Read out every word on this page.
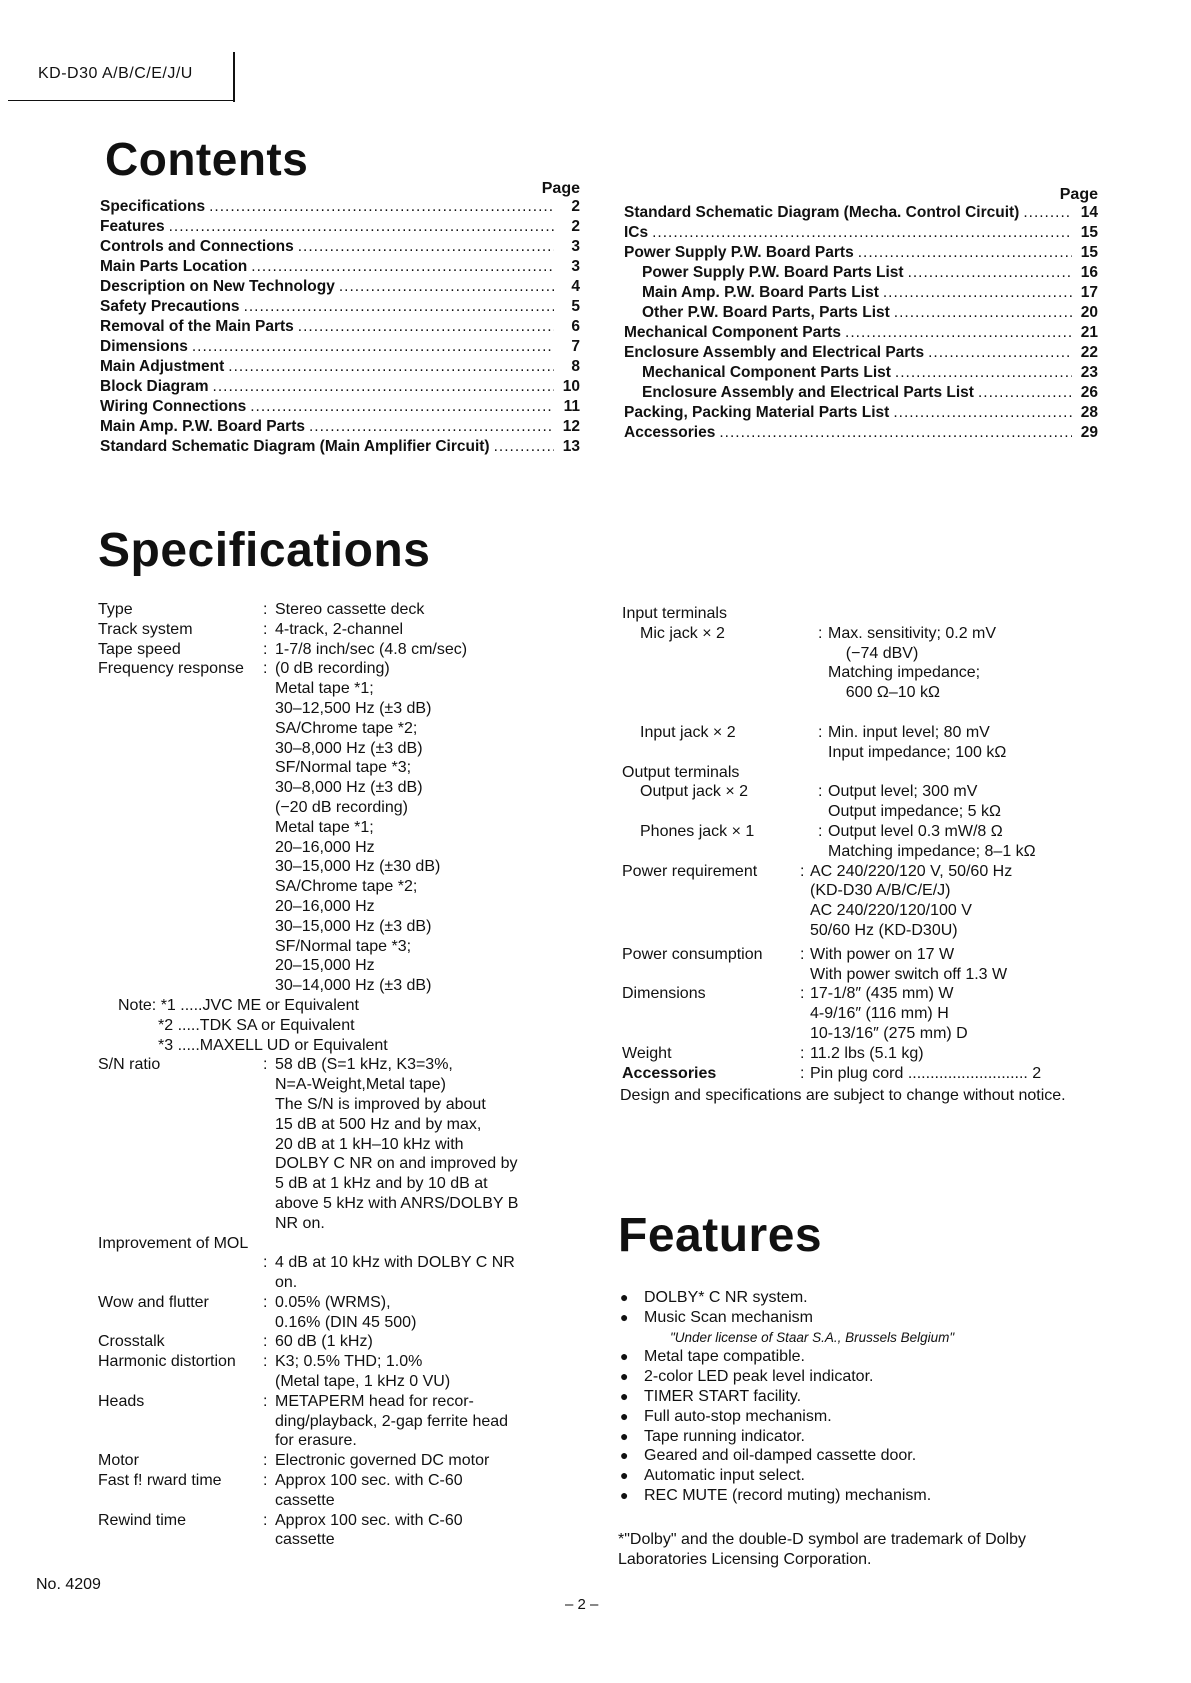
KD-D30 A/B/C/E/J/U
Contents
Page
Specifications .....	2
Features .....	2
Controls and Connections .....	3
Main Parts Location .....	3
Description on New Technology .....	4
Safety Precautions .....	5
Removal of the Main Parts .....	6
Dimensions .....	7
Main Adjustment .....	8
Block Diagram .....	10
Wiring Connections .....	11
Main Amp. P.W. Board Parts .....	12
Standard Schematic Diagram (Main Amplifier Circuit) .....	13
Page
Standard Schematic Diagram (Mecha. Control Circuit) .....	14
ICs .....	15
Power Supply P.W. Board Parts .....	15
Power Supply P.W. Board Parts List .....	16
Main Amp. P.W. Board Parts List .....	17
Other P.W. Board Parts, Parts List .....	20
Mechanical Component Parts .....	21
Enclosure Assembly and Electrical Parts .....	22
Mechanical Component Parts List .....	23
Enclosure Assembly and Electrical Parts List .....	26
Packing, Packing Material Parts List .....	28
Accessories .....	29
Specifications
Type	: Stereo cassette deck
Track system	: 4-track, 2-channel
Tape speed	: 1-7/8 inch/sec (4.8 cm/sec)
Frequency response	: (0 dB recording)
Metal tape *1;
30–12,500 Hz (±3 dB)
SA/Chrome tape *2;
30–8,000 Hz (±3 dB)
SF/Normal tape *3;
30–8,000 Hz (±3 dB)
(−20 dB recording)
Metal tape *1;
20–16,000 Hz
30–15,000 Hz (±30 dB)
SA/Chrome tape *2;
20–16,000 Hz
30–15,000 Hz (±3 dB)
SF/Normal tape *3;
20–15,000 Hz
30–14,000 Hz (±3 dB)
Note: *1 .....JVC ME or Equivalent
*2 .....TDK SA or Equivalent
*3 .....MAXELL UD or Equivalent
S/N ratio	: 58 dB (S=1 kHz, K3=3%,
N=A-Weight,Metal tape)
The S/N is improved by about
15 dB at 500 Hz and by max,
20 dB at 1 kH–10 kHz with
DOLBY C NR on and improved by
5 dB at 1 kHz and by 10 dB at
above 5 kHz with ANRS/DOLBY B
NR on.
Improvement of MOL
: 4 dB at 10 kHz with DOLBY C NR
on.
Wow and flutter	: 0.05% (WRMS),
0.16% (DIN 45 500)
Crosstalk	: 60 dB (1 kHz)
Harmonic distortion	: K3; 0.5% THD; 1.0%
(Metal tape, 1 kHz 0 VU)
Heads	: METAPERM head for recor-
ding/playback, 2-gap ferrite head
for erasure.
Motor	: Electronic governed DC motor
Fast f! rward time	: Approx 100 sec. with C-60
cassette
Rewind time	: Approx 100 sec. with C-60
cassette
Input terminals
Mic jack × 2	: Max. sensitivity; 0.2 mV
(−74 dBV)
Matching impedance;
600 Ω–10 kΩ
Input jack × 2	: Min. input level; 80 mV
Input impedance; 100 kΩ
Output terminals
Output jack × 2	: Output level; 300 mV
Output impedance; 5 kΩ
Phones jack × 1	: Output level 0.3 mW/8 Ω
Matching impedance; 8–1 kΩ
Power requirement	: AC 240/220/120 V, 50/60 Hz
(KD-D30 A/B/C/E/J)
AC 240/220/120/100 V
50/60 Hz (KD-D30U)
Power consumption	: With power on 17 W
With power switch off 1.3 W
Dimensions	: 17-1/8″ (435 mm) W
4-9/16″ (116 mm) H
10-13/16″ (275 mm) D
Weight	: 11.2 lbs (5.1 kg)
Accessories	: Pin plug cord ........................... 2
Design and specifications are subject to change without notice.
Features
● DOLBY* C NR system.
● Music Scan mechanism
"Under license of Staar S.A., Brussels Belgium"
● Metal tape compatible.
● 2-color LED peak level indicator.
● TIMER START facility.
● Full auto-stop mechanism.
● Tape running indicator.
● Geared and oil-damped cassette door.
● Automatic input select.
● REC MUTE (record muting) mechanism.
*"Dolby" and the double-D symbol are trademark of Dolby Laboratories Licensing Corporation.
No. 4209
– 2 –
